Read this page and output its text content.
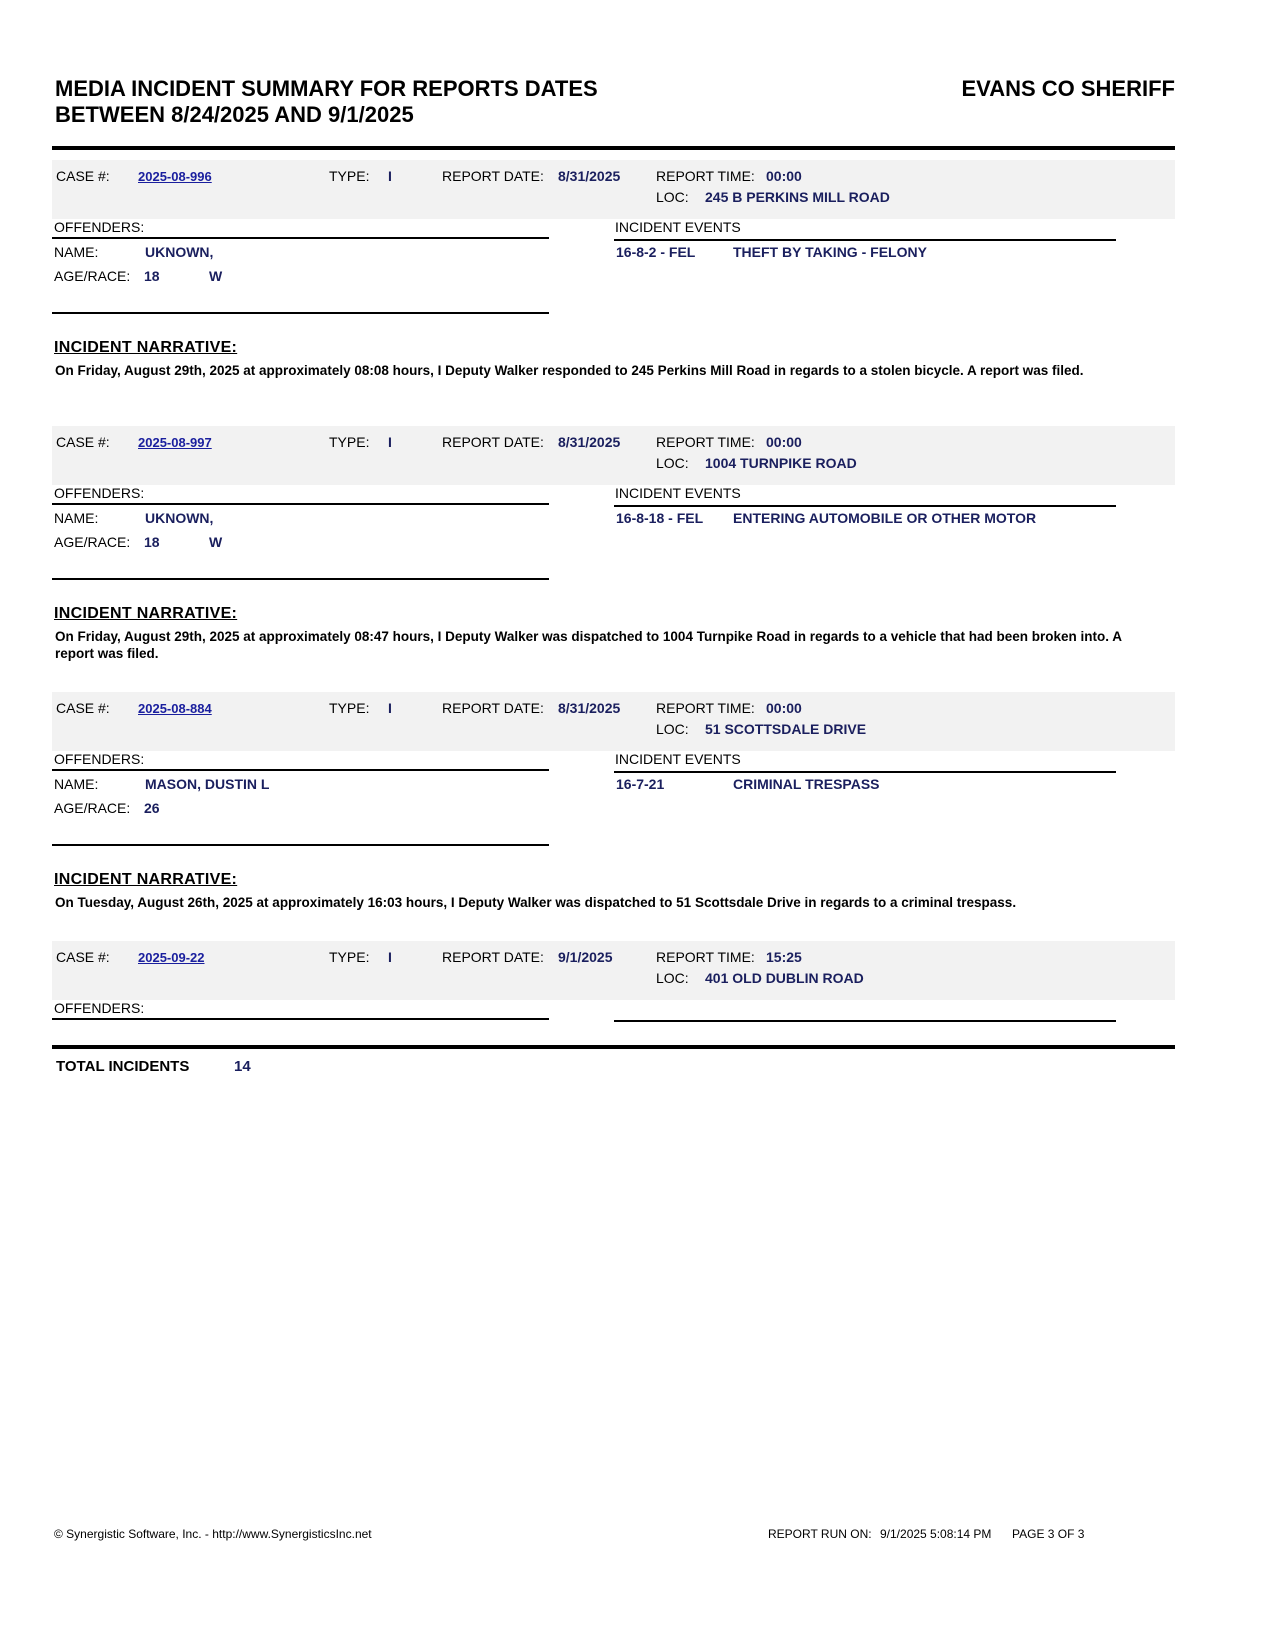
MEDIA INCIDENT SUMMARY FOR REPORTS DATES
BETWEEN 8/24/2025 AND 9/1/2025
EVANS CO SHERIFF
CASE #: 2025-08-996	TYPE: I	REPORT DATE: 8/31/2025	REPORT TIME: 00:00
LOC: 245 B PERKINS MILL ROAD
OFFENDERS:	INCIDENT EVENTS
NAME:	UKNOWN,
AGE/RACE: 18	W
16-8-2 - FEL	THEFT BY TAKING - FELONY
INCIDENT NARRATIVE:
On Friday, August 29th, 2025 at approximately 08:08 hours, I Deputy Walker responded to 245 Perkins Mill Road in regards to a stolen bicycle. A report was filed.
CASE #: 2025-08-997	TYPE: I	REPORT DATE: 8/31/2025	REPORT TIME: 00:00
LOC: 1004 TURNPIKE ROAD
OFFENDERS:	INCIDENT EVENTS
NAME:	UKNOWN,
AGE/RACE: 18	W
16-8-18 - FEL ENTERING AUTOMOBILE OR OTHER MOTOR
INCIDENT NARRATIVE:
On Friday, August 29th, 2025 at approximately 08:47 hours, I Deputy Walker was dispatched to 1004 Turnpike Road in regards to a vehicle that had been broken into. A report was filed.
CASE #: 2025-08-884	TYPE: I	REPORT DATE: 8/31/2025	REPORT TIME: 00:00
LOC: 51 SCOTTSDALE DRIVE
OFFENDERS:	INCIDENT EVENTS
NAME:	MASON, DUSTIN L
AGE/RACE: 26
16-7-21	CRIMINAL TRESPASS
INCIDENT NARRATIVE:
On Tuesday, August 26th, 2025 at approximately 16:03 hours, I Deputy Walker was dispatched to 51 Scottsdale Drive in regards to a criminal trespass.
CASE #: 2025-09-22	TYPE: I	REPORT DATE: 9/1/2025	REPORT TIME: 15:25
LOC: 401 OLD DUBLIN ROAD
OFFENDERS:
TOTAL INCIDENTS	14
© Synergistic Software, Inc. - http://www.SynergisticsInc.net	REPORT RUN ON: 9/1/2025 5:08:14 PM PAGE 3 OF 3
